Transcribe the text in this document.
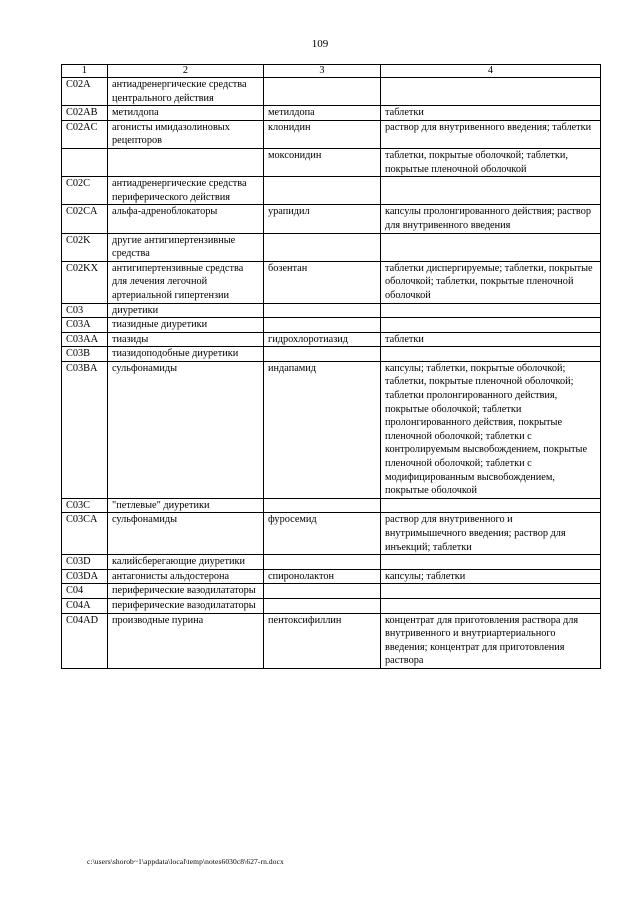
109
1	2	3	4
C02A	антиадренергические средства центрального действия		
C02AB	метилдопа	метилдопа	таблетки
C02AC	агонисты имидазолиновых рецепторов	клонидин	раствор для внутривенного введения; таблетки
		моксонидин	таблетки, покрытые оболочкой; таблетки, покрытые пленочной оболочкой
C02C	антиадренергические средства периферического действия		
C02CA	альфа-адреноблокаторы	урапидил	капсулы пролонгированного действия; раствор для внутривенного введения
C02K	другие антигипертензивные средства		
C02KX	антигипертензивные средства для лечения легочной артериальной гипертензии	бозентан	таблетки диспергируемые; таблетки, покрытые оболочкой; таблетки, покрытые пленочной оболочкой
C03	диуретики		
C03A	тиазидные диуретики		
C03AA	тиазиды	гидрохлоротиазид	таблетки
C03B	тиазидоподобные диуретики		
C03BA	сульфонамиды	индапамид	капсулы; таблетки, покрытые оболочкой; таблетки, покрытые пленочной оболочкой; таблетки пролонгированного действия, покрытые оболочкой; таблетки пролонгированного действия, покрытые пленочной оболочкой; таблетки с контролируемым высвобождением, покрытые пленочной оболочкой; таблетки с модифицированным высвобождением, покрытые оболочкой
C03C	"петлевые" диуретики		
C03CA	сульфонамиды	фуросемид	раствор для внутривенного и внутримышечного введения; раствор для инъекций; таблетки
C03D	калийсберегающие диуретики		
C03DA	антагонисты альдостерона	спиронолактон	капсулы; таблетки
C04	периферические вазодилататоры		
C04A	периферические вазодилататоры		
C04AD	производные пурина	пентоксифиллин	концентрат для приготовления раствора для внутривенного и внутриартериального введения; концентрат для приготовления раствора
c:\users\shorob~1\appdata\local\temp\notes6030c8\627-rn.docx
